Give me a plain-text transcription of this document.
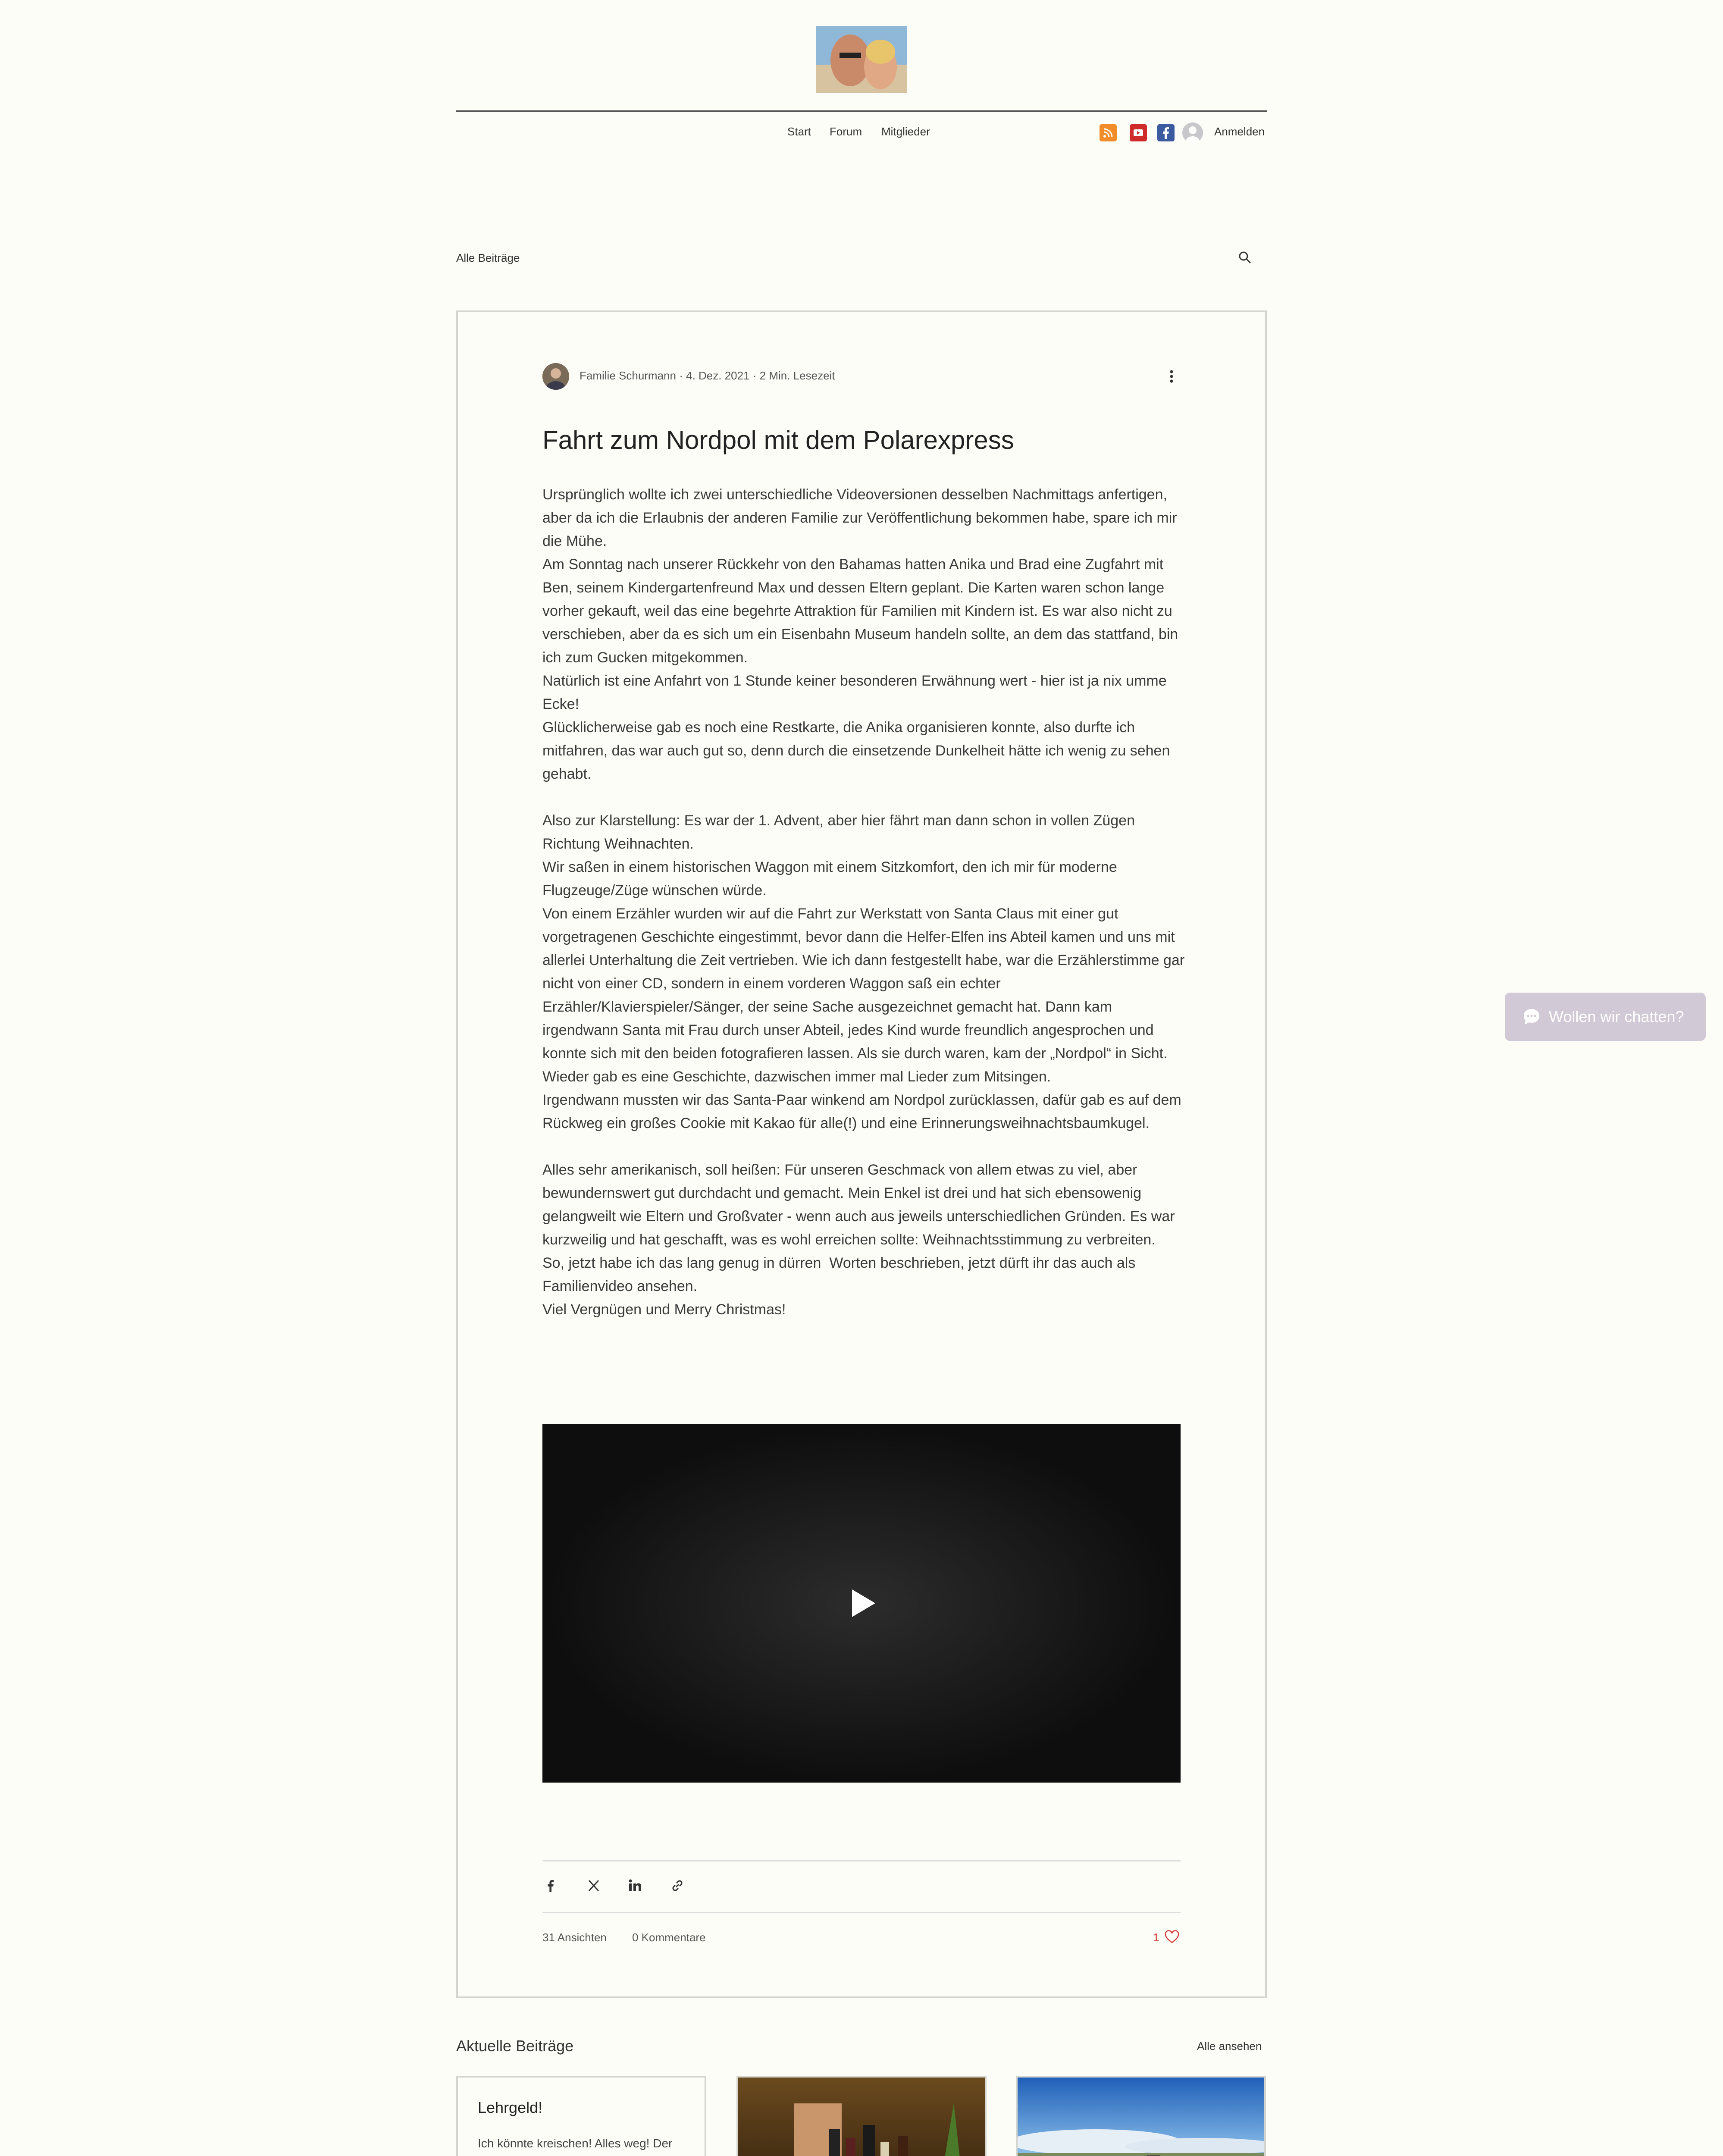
Start Forum Mitglieder	Anmelden
Alle Beiträge
Familie Schurmann · 4. Dez. 2021 · 2 Min. Lesezeit
Fahrt zum Nordpol mit dem Polarexpress

Ursprünglich wollte ich zwei unterschiedliche Videoversionen desselben Nachmittags anfertigen, aber da ich die Erlaubnis der anderen Familie zur Veröffentlichung bekommen habe, spare ich mir die Mühe.

Am Sonntag nach unserer Rückkehr von den Bahamas hatten Anika und Brad eine Zugfahrt mit Ben, seinem Kindergartenfreund Max und dessen Eltern geplant. Die Karten waren schon lange vorher gekauft, weil das eine begehrte Attraktion für Familien mit Kindern ist. Es war also nicht zu verschieben, aber da es sich um ein Eisenbahn Museum handeln sollte, an dem das stattfand, bin ich zum Gucken mitgekommen.

Natürlich ist eine Anfahrt von 1 Stunde keiner besonderen Erwähnung wert - hier ist ja nix umme Ecke!

Glücklicherweise gab es noch eine Restkarte, die Anika organisieren konnte, also durfte ich mitfahren, das war auch gut so, denn durch die einsetzende Dunkelheit hätte ich wenig zu sehen gehabt.

Also zur Klarstellung: Es war der 1. Advent, aber hier fährt man dann schon in vollen Zügen Richtung Weihnachten.

Wir saßen in einem historischen Waggon mit einem Sitzkomfort, den ich mir für moderne Flugzeuge/Züge wünschen würde.

Von einem Erzähler wurden wir auf die Fahrt zur Werkstatt von Santa Claus mit einer gut vorgetragenen Geschichte eingestimmt, bevor dann die Helfer-Elfen ins Abteil kamen und uns mit allerlei Unterhaltung die Zeit vertrieben. Wie ich dann festgestellt habe, war die Erzählerstimme gar nicht von einer CD, sondern in einem vorderen Waggon saß ein echter Erzähler/Klavierspieler/Sänger, der seine Sache ausgezeichnet gemacht hat. Dann kam irgendwann Santa mit Frau durch unser Abteil, jedes Kind wurde freundlich angesprochen und konnte sich mit den beiden fotografieren lassen. Als sie durch waren, kam der „Nordpol“ in Sicht. Wieder gab es eine Geschichte, dazwischen immer mal Lieder zum Mitsingen.

Irgendwann mussten wir das Santa-Paar winkend am Nordpol zurücklassen, dafür gab es auf dem Rückweg ein großes Cookie mit Kakao für alle(!) und eine Erinnerungsweihnachtsbaumkugel.

Alles sehr amerikanisch, soll heißen: Für unseren Geschmack von allem etwas zu viel, aber bewundernswert gut durchdacht und gemacht. Mein Enkel ist drei und hat sich ebensowenig gelangweilt wie Eltern und Großvater - wenn auch aus jeweils unterschiedlichen Gründen. Es war kurzweilig und hat geschafft, was es wohl erreichen sollte: Weihnachtsstimmung zu verbreiten.

So, jetzt habe ich das lang genug in dürren  Worten beschrieben, jetzt dürft ihr das auch als Familienvideo ansehen.

Viel Vergnügen und Merry Christmas!

31 Ansichten 0 Kommentare	1
Aktuelle Beiträge	Alle ansehen
Lehrgeld!
Ich könnte kreischen! Alles weg! Der
Wollen wir chatten?
